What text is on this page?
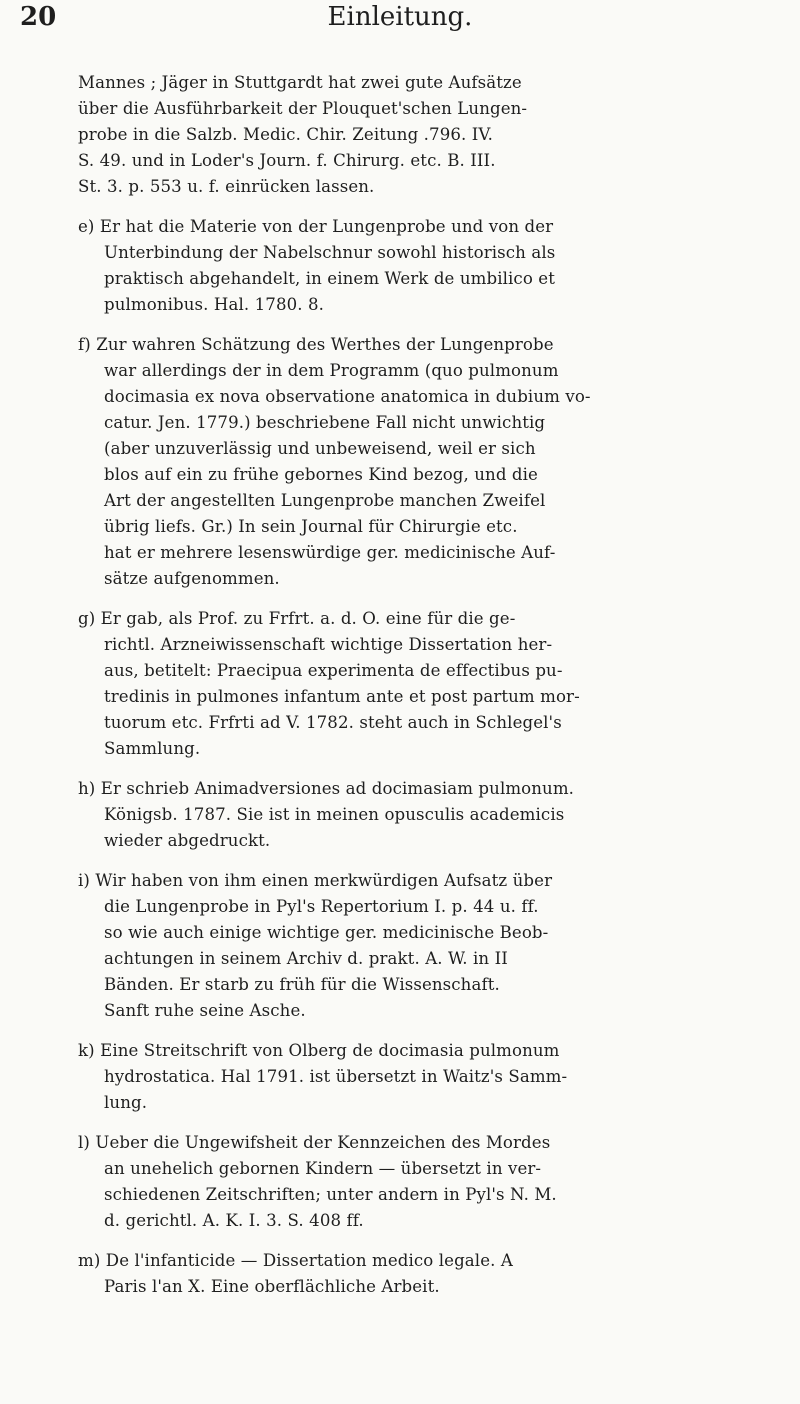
20	Einleitung.
Mannes ; Jäger in Stuttgardt hat zwei gute Aufsätze
über die Ausführbarkeit der Plouquet'schen Lungen-
probe in die Salzb. Medic. Chir. Zeitung .796. IV.
S. 49. und in Loder's Journ. f. Chirurg. etc. B. III.
St. 3. p. 553 u. f. einrücken lassen.
e) Er hat die Materie von der Lungenprobe und von der
Unterbindung der Nabelschnur sowohl historisch als
praktisch abgehandelt, in einem Werk de umbilico et
pulmonibus. Hal. 1780. 8.
f) Zur wahren Schätzung des Werthes der Lungenprobe
war allerdings der in dem Programm (quo pulmonum
docimasia ex nova observatione anatomica in dubium vo-
catur. Jen. 1779.) beschriebene Fall nicht unwichtig
(aber unzuverlässig und unbeweisend, weil er sich
blos auf ein zu frühe gebornes Kind bezog, und die
Art der angestellten Lungenprobe manchen Zweifel
übrig liefs. Gr.) In sein Journal für Chirurgie etc.
hat er mehrere lesenswürdige ger. medicinische Auf-
sätze aufgenommen.
g) Er gab, als Prof. zu Frfrt. a. d. O. eine für die ge-
richtl. Arzneiwissenschaft wichtige Dissertation her-
aus, betitelt: Praecipua experimenta de effectibus pu-
tredinis in pulmones infantum ante et post partum mor-
tuorum etc. Frfrti ad V. 1782. steht auch in Schlegel's
Sammlung.
h) Er schrieb Animadversiones ad docimasiam pulmonum.
Königsb. 1787. Sie ist in meinen opusculis academicis
wieder abgedruckt.
i) Wir haben von ihm einen merkwürdigen Aufsatz über
die Lungenprobe in Pyl's Repertorium I. p. 44 u. ff.
so wie auch einige wichtige ger. medicinische Beob-
achtungen in seinem Archiv d. prakt. A. W. in II
Bänden. Er starb zu früh für die Wissenschaft.
Sanft ruhe seine Asche.
k) Eine Streitschrift von Olberg de docimasia pulmonum
hydrostatica. Hal 1791. ist übersetzt in Waitz's Samm-
lung.
l) Ueber die Ungewifsheit der Kennzeichen des Mordes
an unehelich gebornen Kindern — übersetzt in ver-
schiedenen Zeitschriften; unter andern in Pyl's N. M.
d. gerichtl. A. K. I. 3. S. 408 ff.
m) De l'infanticide — Dissertation medico legale. A
Paris l'an X. Eine oberflächliche Arbeit.
